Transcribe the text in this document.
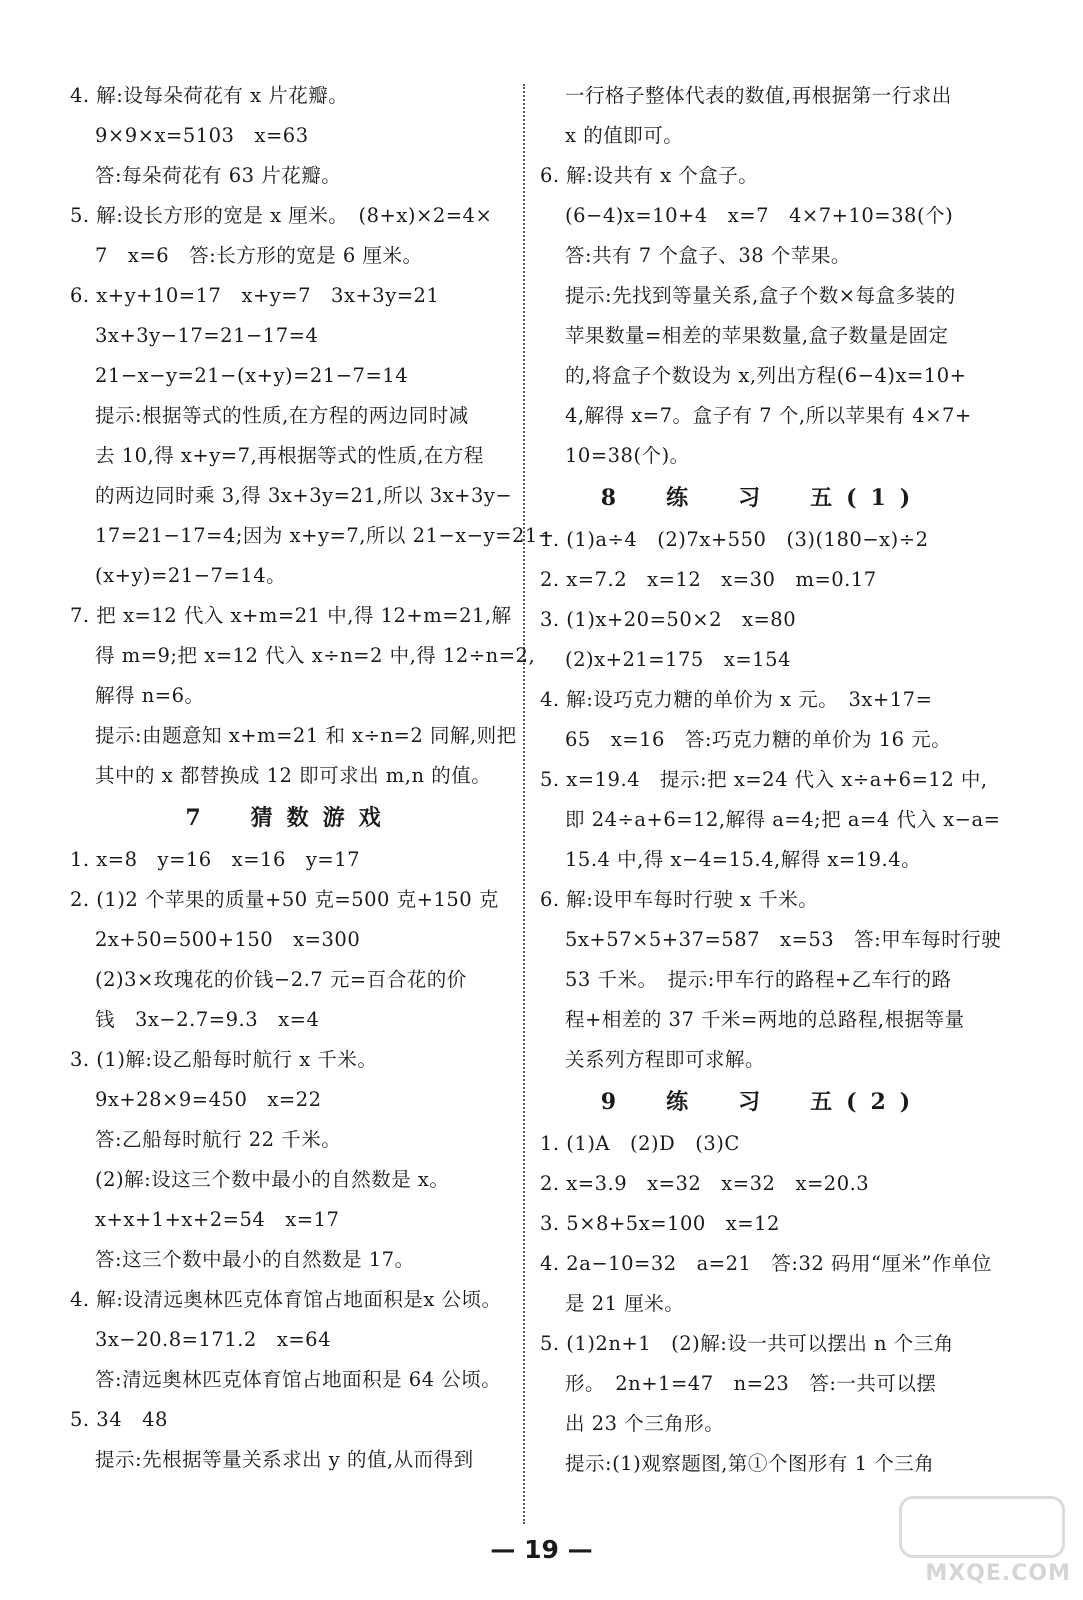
4. 解:设每朵荷花有 x 片花瓣。
9×9×x=5103　x=63
答:每朵荷花有 63 片花瓣。
5. 解:设长方形的宽是 x 厘米。　(8+x)×2=4×
7　x=6　答:长方形的宽是 6 厘米。
6. x+y+10=17　x+y=7　3x+3y=21
3x+3y−17=21−17=4
21−x−y=21−(x+y)=21−7=14
提示:根据等式的性质,在方程的两边同时减
去 10,得 x+y=7,再根据等式的性质,在方程
的两边同时乘 3,得 3x+3y=21,所以 3x+3y−
17=21−17=4;因为 x+y=7,所以 21−x−y=21−
(x+y)=21−7=14。
7. 把 x=12 代入 x+m=21 中,得 12+m=21,解
得 m=9;把 x=12 代入 x÷n=2 中,得 12÷n=2,
解得 n=6。
提示:由题意知 x+m=21 和 x÷n=2 同解,则把
其中的 x 都替换成 12 即可求出 m,n 的值。
7　猜数游戏
1. x=8　y=16　x=16　y=17
2. (1)2 个苹果的质量+50 克=500 克+150 克
2x+50=500+150　x=300
(2)3×玫瑰花的价钱−2.7 元=百合花的价
钱　3x−2.7=9.3　x=4
3. (1)解:设乙船每时航行 x 千米。
9x+28×9=450　x=22
答:乙船每时航行 22 千米。
(2)解:设这三个数中最小的自然数是 x。
x+x+1+x+2=54　x=17
答:这三个数中最小的自然数是 17。
4. 解:设清远奥林匹克体育馆占地面积是x 公顷。
3x−20.8=171.2　x=64
答:清远奥林匹克体育馆占地面积是 64 公顷。
5. 34　48
提示:先根据等量关系求出 y 的值,从而得到
一行格子整体代表的数值,再根据第一行求出
x 的值即可。
6. 解:设共有 x 个盒子。
(6−4)x=10+4　x=7　4×7+10=38(个)
答:共有 7 个盒子、38 个苹果。
提示:先找到等量关系,盒子个数×每盒多装的
苹果数量=相差的苹果数量,盒子数量是固定
的,将盒子个数设为 x,列出方程(6−4)x=10+
4,解得 x=7。盒子有 7 个,所以苹果有 4×7+
10=38(个)。
8　练　习　五(1)
1. (1)a÷4　(2)7x+550　(3)(180−x)÷2
2. x=7.2　x=12　x=30　m=0.17
3. (1)x+20=50×2　x=80
(2)x+21=175　x=154
4. 解:设巧克力糖的单价为 x 元。　3x+17=
65　x=16　答:巧克力糖的单价为 16 元。
5. x=19.4　提示:把 x=24 代入 x÷a+6=12 中,
即 24÷a+6=12,解得 a=4;把 a=4 代入 x−a=
15.4 中,得 x−4=15.4,解得 x=19.4。
6. 解:设甲车每时行驶 x 千米。
5x+57×5+37=587　x=53　答:甲车每时行驶
53 千米。　提示:甲车行的路程+乙车行的路
程+相差的 37 千米=两地的总路程,根据等量
关系列方程即可求解。
9　练　习　五(2)
1. (1)A　(2)D　(3)C
2. x=3.9　x=32　x=32　x=20.3
3. 5×8+5x=100　x=12
4. 2a−10=32　a=21　答:32 码用“厘米”作单位
是 21 厘米。
5. (1)2n+1　(2)解:设一共可以摆出 n 个三角
形。　2n+1=47　n=23　答:一共可以摆
出 23 个三角形。
提示:(1)观察题图,第①个图形有 1 个三角
— 19 —
MXQE.COM
